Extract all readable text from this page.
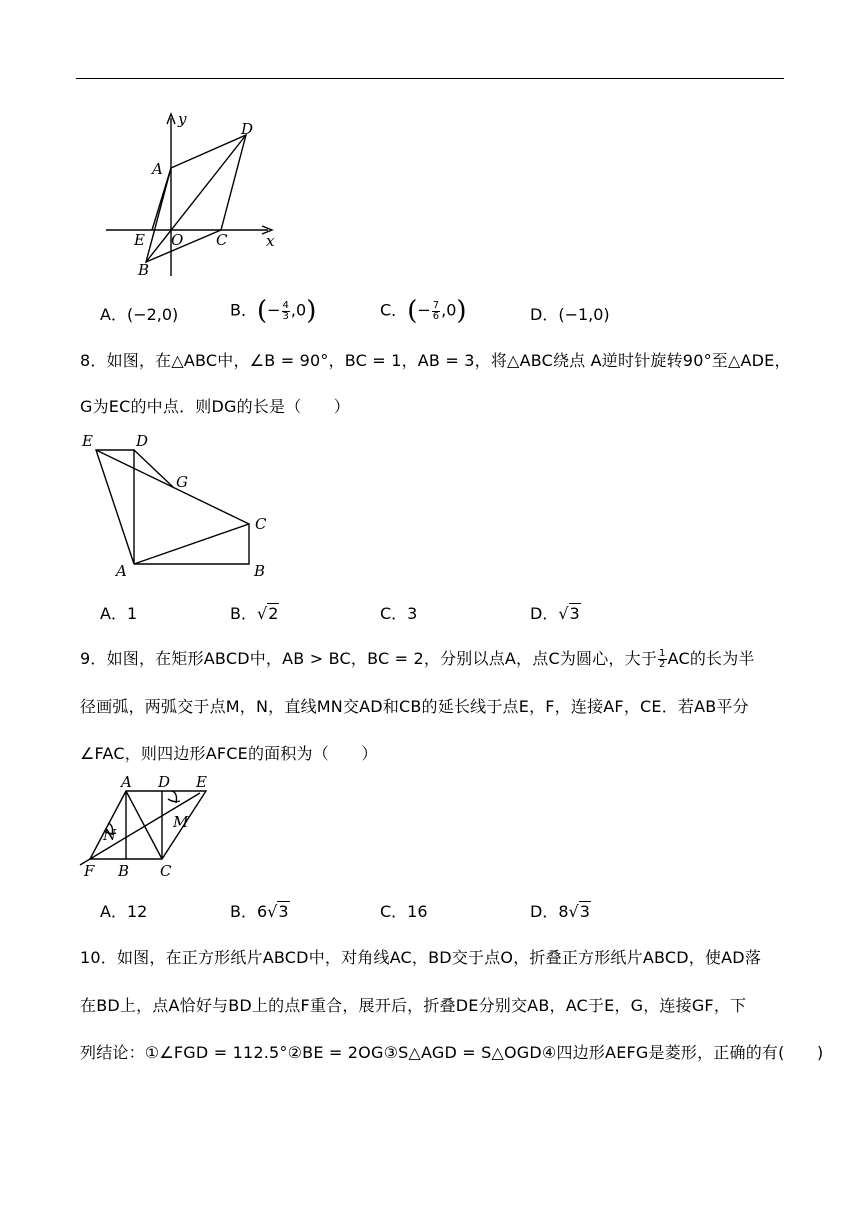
y
A
D
E O C	x
B
A．(−2,0)	B．(− $\frac{4}{3} ,0$)	C．(− $\frac{7}{6} ,0$)	D．(−1,0)
8．如图，在△ABC中，∠B = 90°，BC = 1，AB = 3，将△ABC绕点 A逆时针旋转90°至△ADE，
G为EC的中点．则DG的长是（　　）
E	D
G
C
A	B
A．1	B．√2	C．3	D．√3
9．如图，在矩形ABCD中，AB > BC，BC = 2，分别以点A，点C为圆心，大于 $\frac{1}{2}$ AC的长为半
径画弧，两弧交于点M，N，直线MN交AD和CB的延长线于点E，F，连接AF，CE．若AB平分
∠FAC，则四边形AFCE的面积为（　　）
A D E
M
N
F B C
A．12	B．6√3	C．16	D．8√3
10．如图，在正方形纸片ABCD中，对角线AC，BD交于点O，折叠正方形纸片ABCD，使AD落
在BD上，点A恰好与BD上的点F重合，展开后，折叠DE分别交AB，AC于E，G，连接GF，下
列结论：①∠FGD = 112.5°②BE = 2OG③S△AGD = S△OGD④四边形AEFG是菱形，正确的有(　　)
